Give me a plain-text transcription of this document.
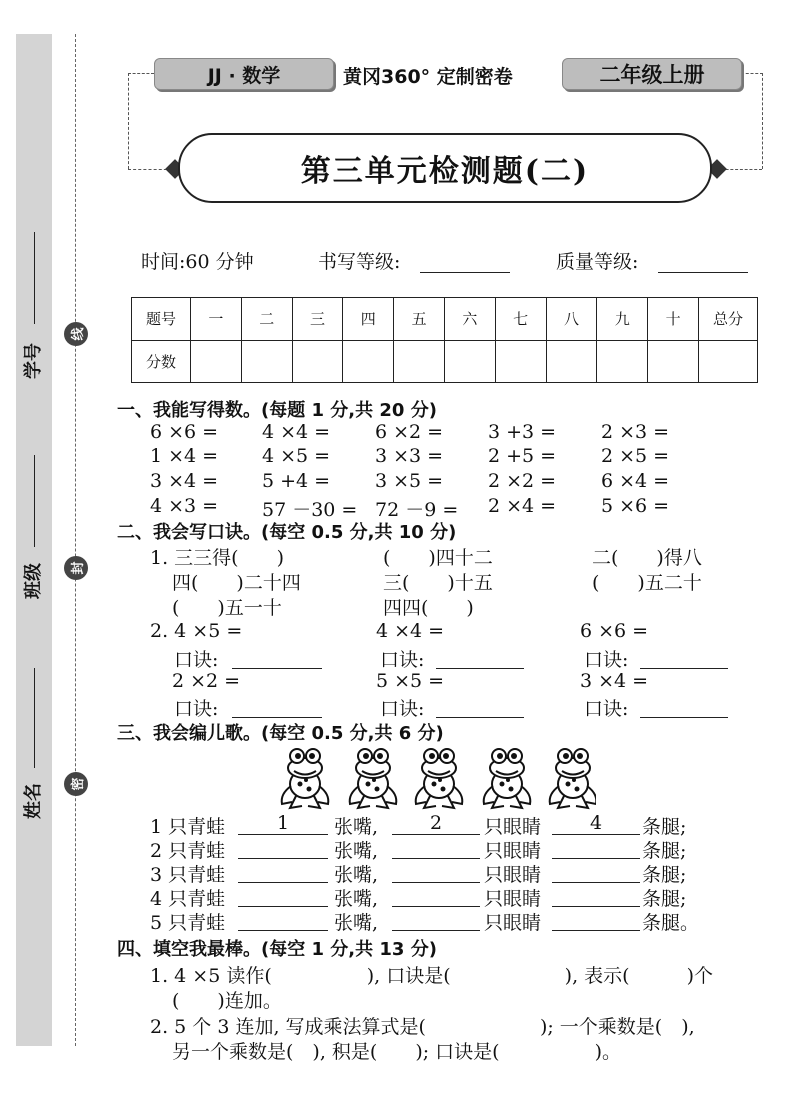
学号
班级
姓名
线
封
密
JJ · 数学	黄冈360° 定制密卷	二年级上册
第三单元检测题(二)
时间:60 分钟	书写等级:	质量等级:
题号	一	二	三	四	五	六	七	八	九	十	总分
分数											
一、我能写得数。(每题 1 分,共 20 分)
6 ×6 = 4 ×4 = 6 ×2 = 3 +3 = 2 ×3 =
1 ×4 = 4 ×5 = 3 ×3 = 2 +5 = 2 ×5 =
3 ×4 = 5 +4 = 3 ×5 = 2 ×2 = 6 ×4 =
4 ×3 = 57 －30 = 72 －9 = 2 ×4 = 5 ×6 =
二、我会写口诀。(每空 0.5 分,共 10 分)
1. 三三得(　　)	(　　)四十二	二(　　)得八
四(　　)二十四	三(　　)十五	(　　)五二十
(　　)五一十	四四(　　)
2. 4 ×5 =	4 ×4 =	6 ×6 =
口诀:	口诀:	口诀:
2 ×2 =	5 ×5 =	3 ×4 =
口诀:	口诀:	口诀:
三、我会编儿歌。(每空 0.5 分,共 6 分)
1 只青蛙	1	张嘴,	2	只眼睛	4	条腿;
2 只青蛙	张嘴,	只眼睛	条腿;
3 只青蛙	张嘴,	只眼睛	条腿;
4 只青蛙	张嘴,	只眼睛	条腿;
5 只青蛙	张嘴,	只眼睛	条腿。
四、填空我最棒。(每空 1 分,共 13 分)
1. 4 ×5 读作(　　　　　), 口诀是(　　　　　　), 表示(　　　)个
(　　)连加。
2. 5 个 3 连加, 写成乘法算式是(　　　　　　); 一个乘数是(　),
另一个乘数是(　), 积是(　　); 口诀是(　　　　　)。
